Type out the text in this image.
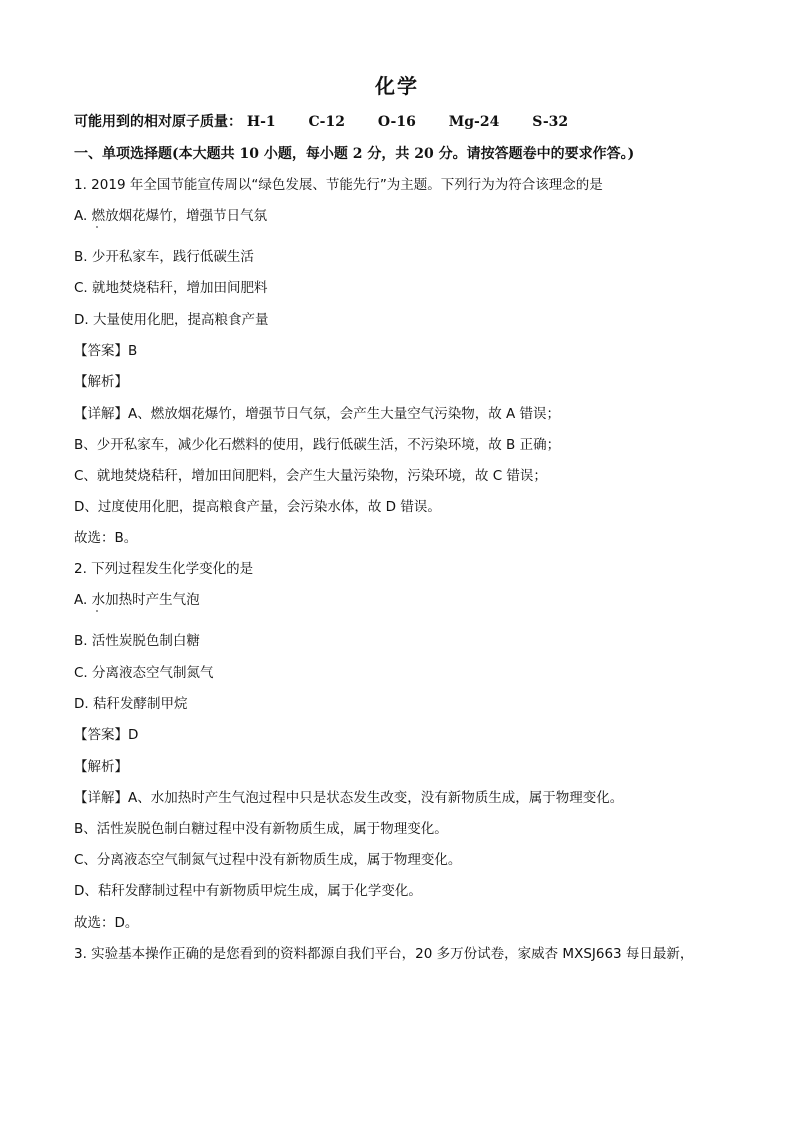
化学
可能用到的相对原子质量： H-1 C-12 O-16 Mg-24 S-32
一、单项选择题(本大题共 10 小题，每小题 2 分，共 20 分。请按答题卷中的要求作答。)
1. 2019 年全国节能宣传周以“绿色发展、节能先行”为主题。下列行为为符合该理念的是
A. 燃放烟花爆竹，增强节日气氛
B. 少开私家车，践行低碳生活
C. 就地焚烧秸秆，增加田间肥料
D. 大量使用化肥，提高粮食产量
【答案】B
【解析】
【详解】A、燃放烟花爆竹，增强节日气氛，会产生大量空气污染物，故 A 错误；
B、少开私家车，减少化石燃料的使用，践行低碳生活，不污染环境，故 B 正确；
C、就地焚烧秸秆，增加田间肥料，会产生大量污染物，污染环境，故 C 错误；
D、过度使用化肥，提高粮食产量，会污染水体，故 D 错误。
故选：B。
2. 下列过程发生化学变化的是
A. 水加热时产生气泡
B. 活性炭脱色制白糖
C. 分离液态空气制氮气
D. 秸秆发酵制甲烷
【答案】D
【解析】
【详解】A、水加热时产生气泡过程中只是状态发生改变，没有新物质生成，属于物理变化。
B、活性炭脱色制白糖过程中没有新物质生成，属于物理变化。
C、分离液态空气制氮气过程中没有新物质生成，属于物理变化。
D、秸秆发酵制过程中有新物质甲烷生成，属于化学变化。
故选：D。
3. 实验基本操作正确的是您看到的资料都源自我们平台，20 多万份试卷，家威杏 MXSJ663 每日最新，
